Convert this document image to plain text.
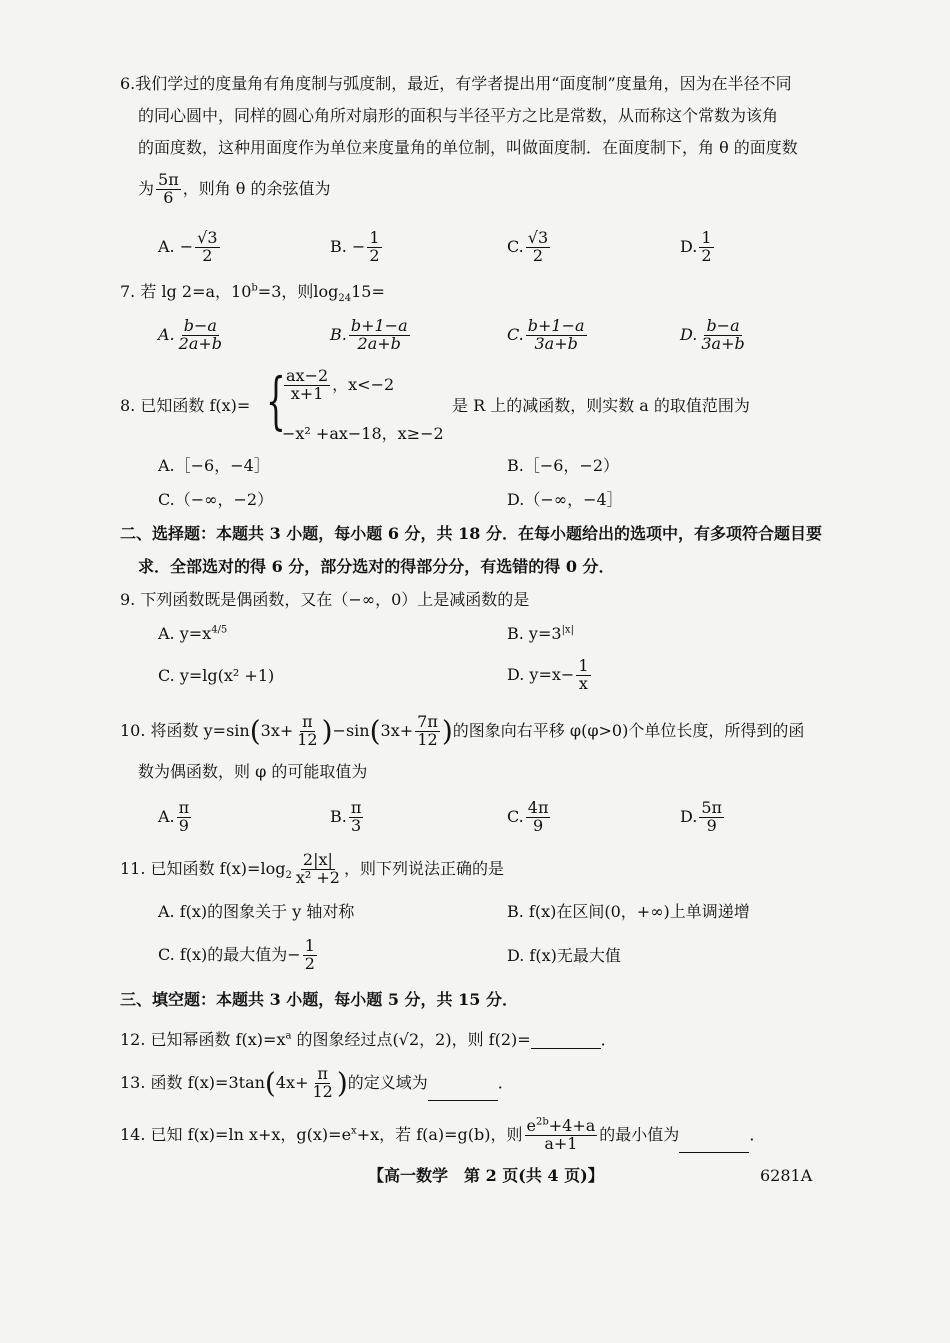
6.我们学过的度量角有角度制与弧度制，最近，有学者提出用“面度制”度量角，因为在半径不同
的同心圆中，同样的圆心角所对扇形的面积与半径平方之比是常数，从而称这个常数为该角
的面度数，这种用面度作为单位来度量角的单位制，叫做面度制．在面度制下，角 θ 的面度数
为 $\frac{5\pi}{6}$ ，则角 θ 的余弦值为
A. − $\frac{√3}{2}$	B. − $\frac{1}{2}$	C. $\frac{√3}{2}$	D. $\frac{1}{2}$
7. 若 lg 2=a，$10^b=3$，则$\log_{24}15=$
A. $\frac{b-a}{2a+b}$	B. $\frac{b+1-a}{2a+b}$	C. $\frac{b+1-a}{3a+b}$	D. $\frac{b-a}{3a+b}$
8. 已知函数 f(x)= {
$\frac{ax-2}{x+1}$ ，x<−2
−x² +ax−18，x≥−2
是 R 上的减函数，则实数 a 的取值范围为
A.［−6，−4］	B.［−6，−2）
C.（−∞，−2）	D.（−∞，−4］
二、选择题：本题共 3 小题，每小题 6 分，共 18 分．在每小题给出的选项中，有多项符合题目要
求．全部选对的得 6 分，部分选对的得部分分，有选错的得 0 分．
9. 下列函数既是偶函数，又在（−∞，0）上是减函数的是
A. $y=x^{4/5}$	B. $y=3^{|x|}$
C. y=lg(x² +1)	D. $y=x- \frac{1}{x}$
10. 将函数 $y=\sin(3x+ \frac{\pi}{12} )-\sin(3x+ \frac{7\pi}{12}$ )的图象向右平移 φ(φ>0)个单位长度，所得到的函
数为偶函数，则 φ 的可能取值为
A. $\frac{\pi}{9}$	B. $\frac{\pi}{3}$	C. $\frac{4\pi}{9}$	D. $\frac{5\pi}{9}$
11. 已知函数 $f(x)=\log_2 \frac{2|x|}{\text{x² +2}}$ ，则下列说法正确的是
A. f(x)的图象关于 y 轴对称	B. f(x)在区间(0，+∞)上单调递增
C. f(x)的最大值为− $\frac{1}{2}$	D. f(x)无最大值
三、填空题：本题共 3 小题，每小题 5 分，共 15 分．
12. 已知幂函数 $f(x)=x^a$ 的图象经过点(√2，2)，则 f(2)=	．
13. 函数 $f(x)=3\tan(4x+ \frac{\pi}{12}$ )的定义域为	．
14. 已知 f(x)=ln x+x，$g(x)=e^x+x$，若 f(a)=g(b)，则 $\frac{e^{2b}+4+a}{a+1}$ 的最小值为	．
【高一数学　第 2 页(共 4 页)】	6281A
